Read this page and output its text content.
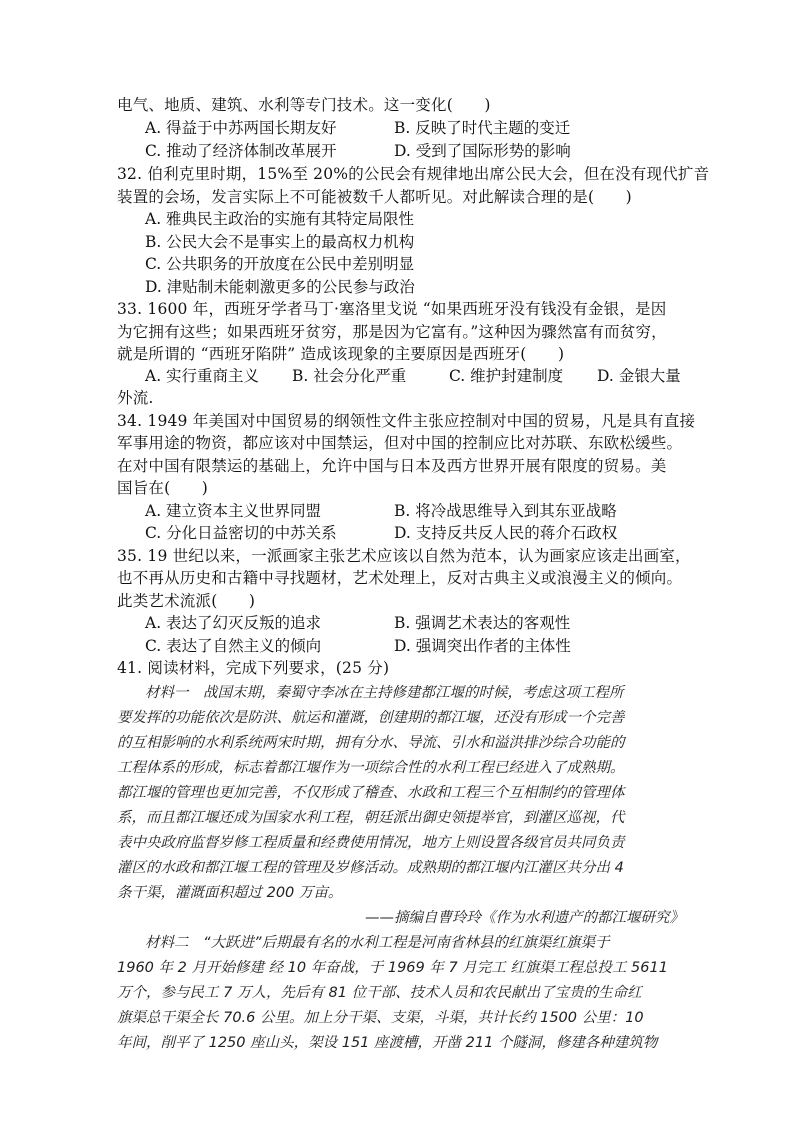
电气、地质、建筑、水利等专门技术。这一变化(　　)
A. 得益于中苏两国长期友好	B. 反映了时代主题的变迁
C. 推动了经济体制改革展开	D. 受到了国际形势的影响
32. 伯利克里时期，15%至 20%的公民会有规律地出席公民大会，但在没有现代扩音
装置的会场，发言实际上不可能被数千人都听见。对此解读合理的是(　　)
A. 雅典民主政治的实施有其特定局限性
B. 公民大会不是事实上的最高权力机构
C. 公共职务的开放度在公民中差别明显
D. 津贴制未能刺激更多的公民参与政治
33. 1600 年，西班牙学者马丁·塞洛里戈说 “如果西班牙没有钱没有金银，是因
为它拥有这些；如果西班牙贫穷，那是因为它富有。”这种因为骤然富有而贫穷，
就是所谓的 “西班牙陷阱” 造成该现象的主要原因是西班牙(　　)
A. 实行重商主义 B. 社会分化严重	C. 维护封建制度 D. 金银大量
外流.
34. 1949 年美国对中国贸易的纲领性文件主张应控制对中国的贸易，凡是具有直接
军事用途的物资，都应该对中国禁运，但对中国的控制应比对苏联、东欧松缓些。
在对中国有限禁运的基础上，允许中国与日本及西方世界开展有限度的贸易。美
国旨在(　　)
A. 建立资本主义世界同盟	B. 将冷战思维导入到其东亚战略
C. 分化日益密切的中苏关系	D. 支持反共反人民的蒋介石政权
35. 19 世纪以来，一派画家主张艺术应该以自然为范本，认为画家应该走出画室，
也不再从历史和古籍中寻找题材，艺术处理上，反对古典主义或浪漫主义的倾向。
此类艺术流派(　　)
A. 表达了幻灭反叛的追求	B. 强调艺术表达的客观性
C. 表达了自然主义的倾向	D. 强调突出作者的主体性
41. 阅读材料，完成下列要求，(25 分)
材料一　战国末期，秦蜀守李冰在主持修建都江堰的时候，考虑这项工程所
要发挥的功能依次是防洪、航运和灌溉，创建期的都江堰，还没有形成一个完善
的互相影响的水利系统两宋时期，拥有分水、导流、引水和溢洪排沙综合功能的
工程体系的形成，标志着都江堰作为一项综合性的水利工程已经进入了成熟期。
都江堰的管理也更加完善，不仅形成了稽查、水政和工程三个互相制约的管理体
系，而且都江堰还成为国家水利工程，朝廷派出御史领提举官，到灌区巡视，代
表中央政府监督岁修工程质量和经费使用情况，地方上则设置各级官员共同负责
灌区的水政和都江堰工程的管理及岁修活动。成熟期的都江堰内江灌区共分出 4
条干渠，灌溉面积超过 200 万亩。
——摘编自曹玲玲《作为水利遗产的都江堰研究》
材料二　“大跃进”后期最有名的水利工程是河南省林县的红旗渠红旗渠于
1960 年 2 月开始修建 经 10 年奋战，于 1969 年 7 月完工 红旗渠工程总投工 5611
万个，参与民工 7 万人，先后有 81 位干部、技术人员和农民献出了宝贵的生命红
旗渠总干渠全长 70.6 公里。加上分干渠、支渠，斗渠，共计长约 1500 公里：10
年间，削平了 1250 座山头，架设 151 座渡槽，开凿 211 个隧洞，修建各种建筑物
